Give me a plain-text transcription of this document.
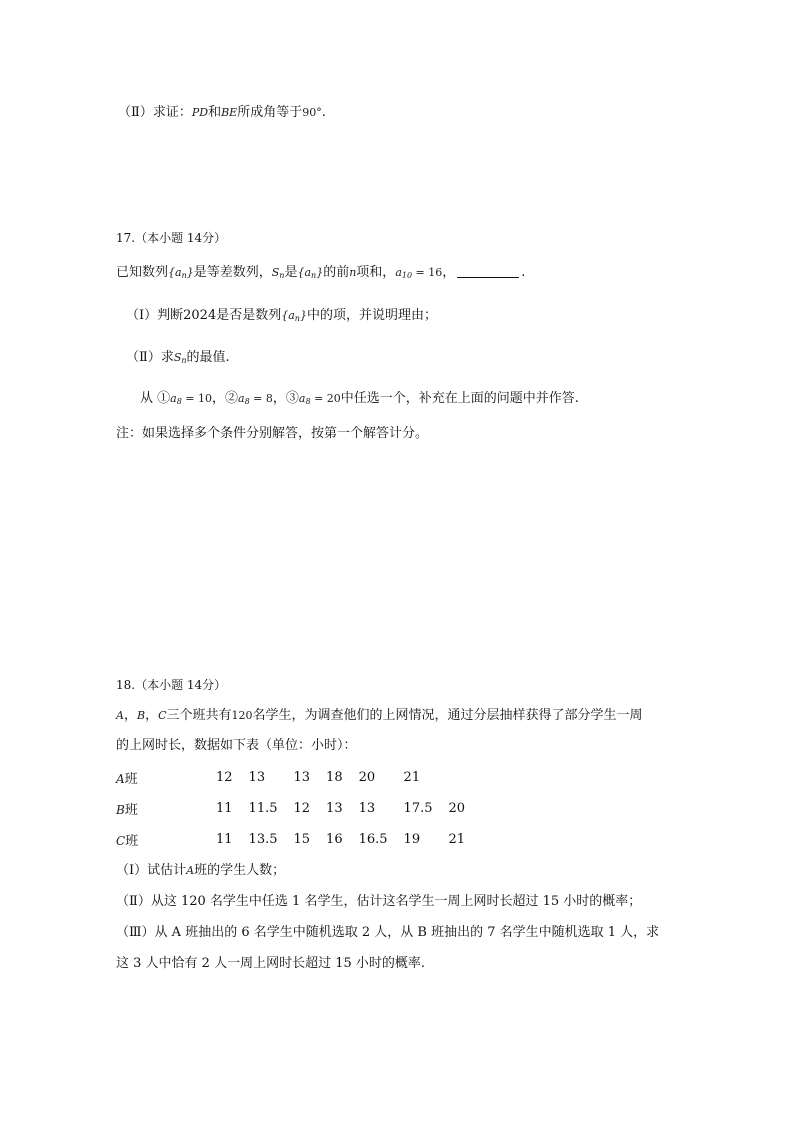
（Ⅱ）求证：PD和BE所成角等于90°.
17.（本小题 14分）
已知数列$\{a_n\}$是等差数列，$S_n$是$\{a_n\}$的前n项和，$a_{10} = 16$，	.
（Ⅰ）判断2024是否是数列$\{a_n\}$中的项，并说明理由；
（Ⅱ）求$S_n$的最值.
从 $①a_8 = 10$，$②a_8 = 8$，$③a_8 = 20$中任选一个，补充在上面的问题中并作答.
注：如果选择多个条件分别解答，按第一个解答计分。
18.（本小题 14分）
A，B，C三个班共有120名学生，为调查他们的上网情况，通过分层抽样获得了部分学生一周
的上网时长，数据如下表（单位：小时）：
A班	12	13	13	18	20	21	
B班	11	11.5	12	13	13	17.5	20
C班	11	13.5	15	16	16.5	19	21
（Ⅰ）试估计A班的学生人数；
（Ⅱ）从这 120 名学生中任选 1 名学生，估计这名学生一周上网时长超过 15 小时的概率；
（Ⅲ）从 A 班抽出的 6 名学生中随机选取 2 人，从 B 班抽出的 7 名学生中随机选取 1 人，求
这 3 人中恰有 2 人一周上网时长超过 15 小时的概率.
